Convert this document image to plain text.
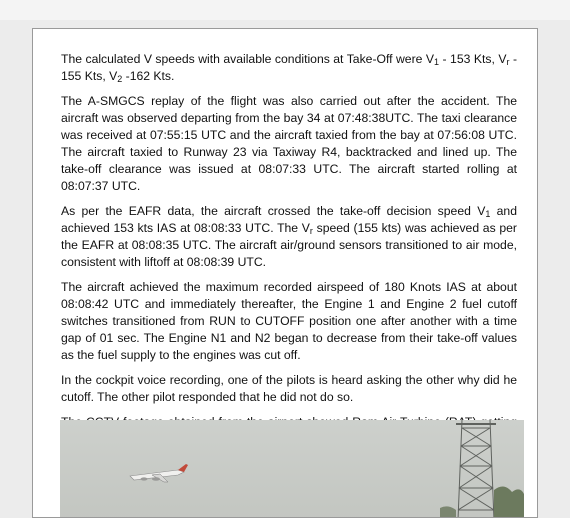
The calculated V speeds with available conditions at Take-Off were $V_1 - 153$ Kts, $V_r - 155$ Kts, $V_2$ -162 Kts.

The A-SMGCS replay of the flight was also carried out after the accident. The aircraft was observed departing from the bay 34 at 07:48:38UTC. The taxi clearance was received at 07:55:15 UTC and the aircraft taxied from the bay at 07:56:08 UTC. The aircraft taxied to Runway 23 via Taxiway R4, backtracked and lined up. The take-off clearance was issued at 08:07:33 UTC. The aircraft started rolling at 08:07:37 UTC.

As per the EAFR data, the aircraft crossed the take-off decision speed $V_1$ and achieved 153 kts IAS at 08:08:33 UTC. The $V_r$ speed (155 kts) was achieved as per the EAFR at 08:08:35 UTC. The aircraft air/ground sensors transitioned to air mode, consistent with liftoff at 08:08:39 UTC.

The aircraft achieved the maximum recorded airspeed of 180 Knots IAS at about 08:08:42 UTC and immediately thereafter, the Engine 1 and Engine 2 fuel cutoff switches transitioned from RUN to CUTOFF position one after another with a time gap of 01 sec. The Engine N1 and N2 began to decrease from their take-off values as the fuel supply to the engines was cut off.

In the cockpit voice recording, one of the pilots is heard asking the other why did he cutoff. The other pilot responded that he did not do so.
